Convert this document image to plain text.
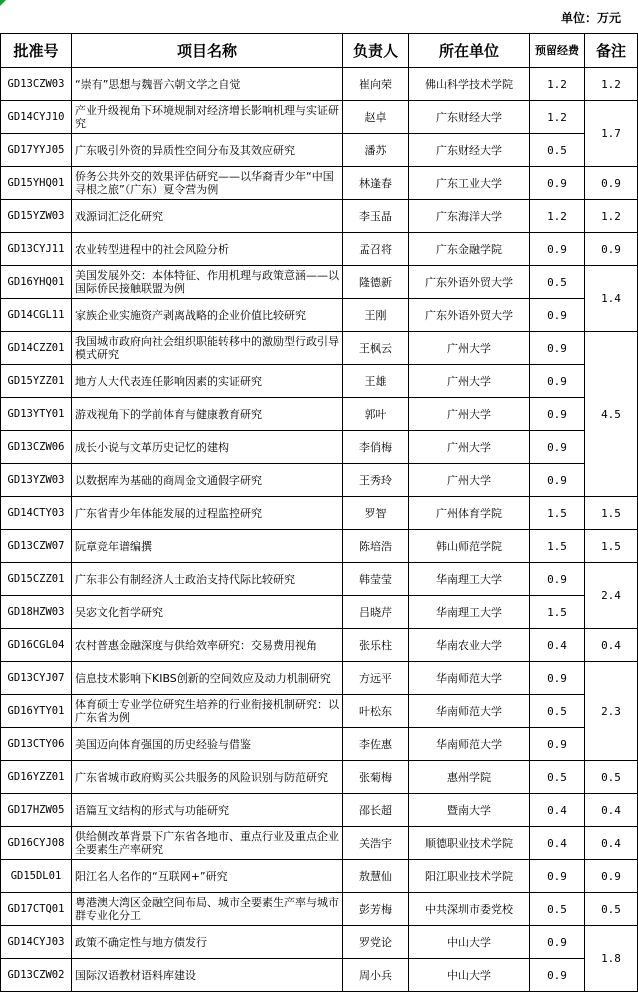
单位：万元
批准号	项目名称	负责人	所在单位	预留经费	备注
GD13CZW03	“崇有”思想与魏晋六朝文学之自觉	崔向荣	佛山科学技术学院	1.2	1.2
GD14CYJ10	产业升级视角下环境规制对经济增长影响机理与实证研究	赵卓	广东财经大学	1.2	1.7
GD17YYJ05	广东吸引外资的异质性空间分布及其效应研究	潘苏	广东财经大学	0.5	
GD15YHQ01	侨务公共外交的效果评估研究——以华裔青少年“中国寻根之旅”（广东）夏令营为例	林逢春	广东工业大学	0.9	0.9
GD15YZW03	戏源词汇泛化研究	李玉晶	广东海洋大学	1.2	1.2
GD13CYJ11	农业转型进程中的社会风险分析	孟召将	广东金融学院	0.9	0.9
GD16YHQ01	美国发展外交：本体特征、作用机理与政策意涵——以国际侨民接触联盟为例	隆德新	广东外语外贸大学	0.5	1.4
GD14CGL11	家族企业实施资产剥离战略的企业价值比较研究	王刚	广东外语外贸大学	0.9	
GD14CZZ01	我国城市政府向社会组织职能转移中的激励型行政引导模式研究	王枫云	广州大学	0.9	4.5
GD15YZZ01	地方人大代表连任影响因素的实证研究	王雄	广州大学	0.9	
GD13YTY01	游戏视角下的学前体育与健康教育研究	郭叶	广州大学	0.9	
GD13CZW06	成长小说与文革历史记忆的建构	李俏梅	广州大学	0.9	
GD13YZW03	以数据库为基础的商周金文通假字研究	王秀玲	广州大学	0.9	
GD14CTY03	广东省青少年体能发展的过程监控研究	罗智	广州体育学院	1.5	1.5
GD13CZW07	阮章竞年谱编撰	陈培浩	韩山师范学院	1.5	1.5
GD15CZZ01	广东非公有制经济人士政治支持代际比较研究	韩莹莹	华南理工大学	0.9	2.4
GD18HZW03	吴宓文化哲学研究	吕晓芹	华南理工大学	1.5	
GD16CGL04	农村普惠金融深度与供给效率研究：交易费用视角	张乐柱	华南农业大学	0.4	0.4
GD13CYJ07	信息技术影响下KIBS创新的空间效应及动力机制研究	方远平	华南师范大学	0.9	2.3
GD16YTY01	体育硕士专业学位研究生培养的行业衔接机制研究：以广东省为例	叶松东	华南师范大学	0.5	
GD13CTY06	美国迈向体育强国的历史经验与借鉴	李佐惠	华南师范大学	0.9	
GD16YZZ01	广东省城市政府购买公共服务的风险识别与防范研究	张菊梅	惠州学院	0.5	0.5
GD17HZW05	语篇互文结构的形式与功能研究	邵长超	暨南大学	0.4	0.4
GD16CYJ08	供给侧改革背景下广东省各地市、重点行业及重点企业全要素生产率研究	关浩宇	顺德职业技术学院	0.4	0.4
GD15DL01	阳江名人名作的“互联网+”研究	敖慧仙	阳江职业技术学院	0.9	0.9
GD17CTQ01	粤港澳大湾区金融空间布局、城市全要素生产率与城市群专业化分工	彭芳梅	中共深圳市委党校	0.5	0.5
GD14CYJ03	政策不确定性与地方债发行	罗党论	中山大学	0.9	1.8
GD13CZW02	国际汉语教材语料库建设	周小兵	中山大学	0.9	
